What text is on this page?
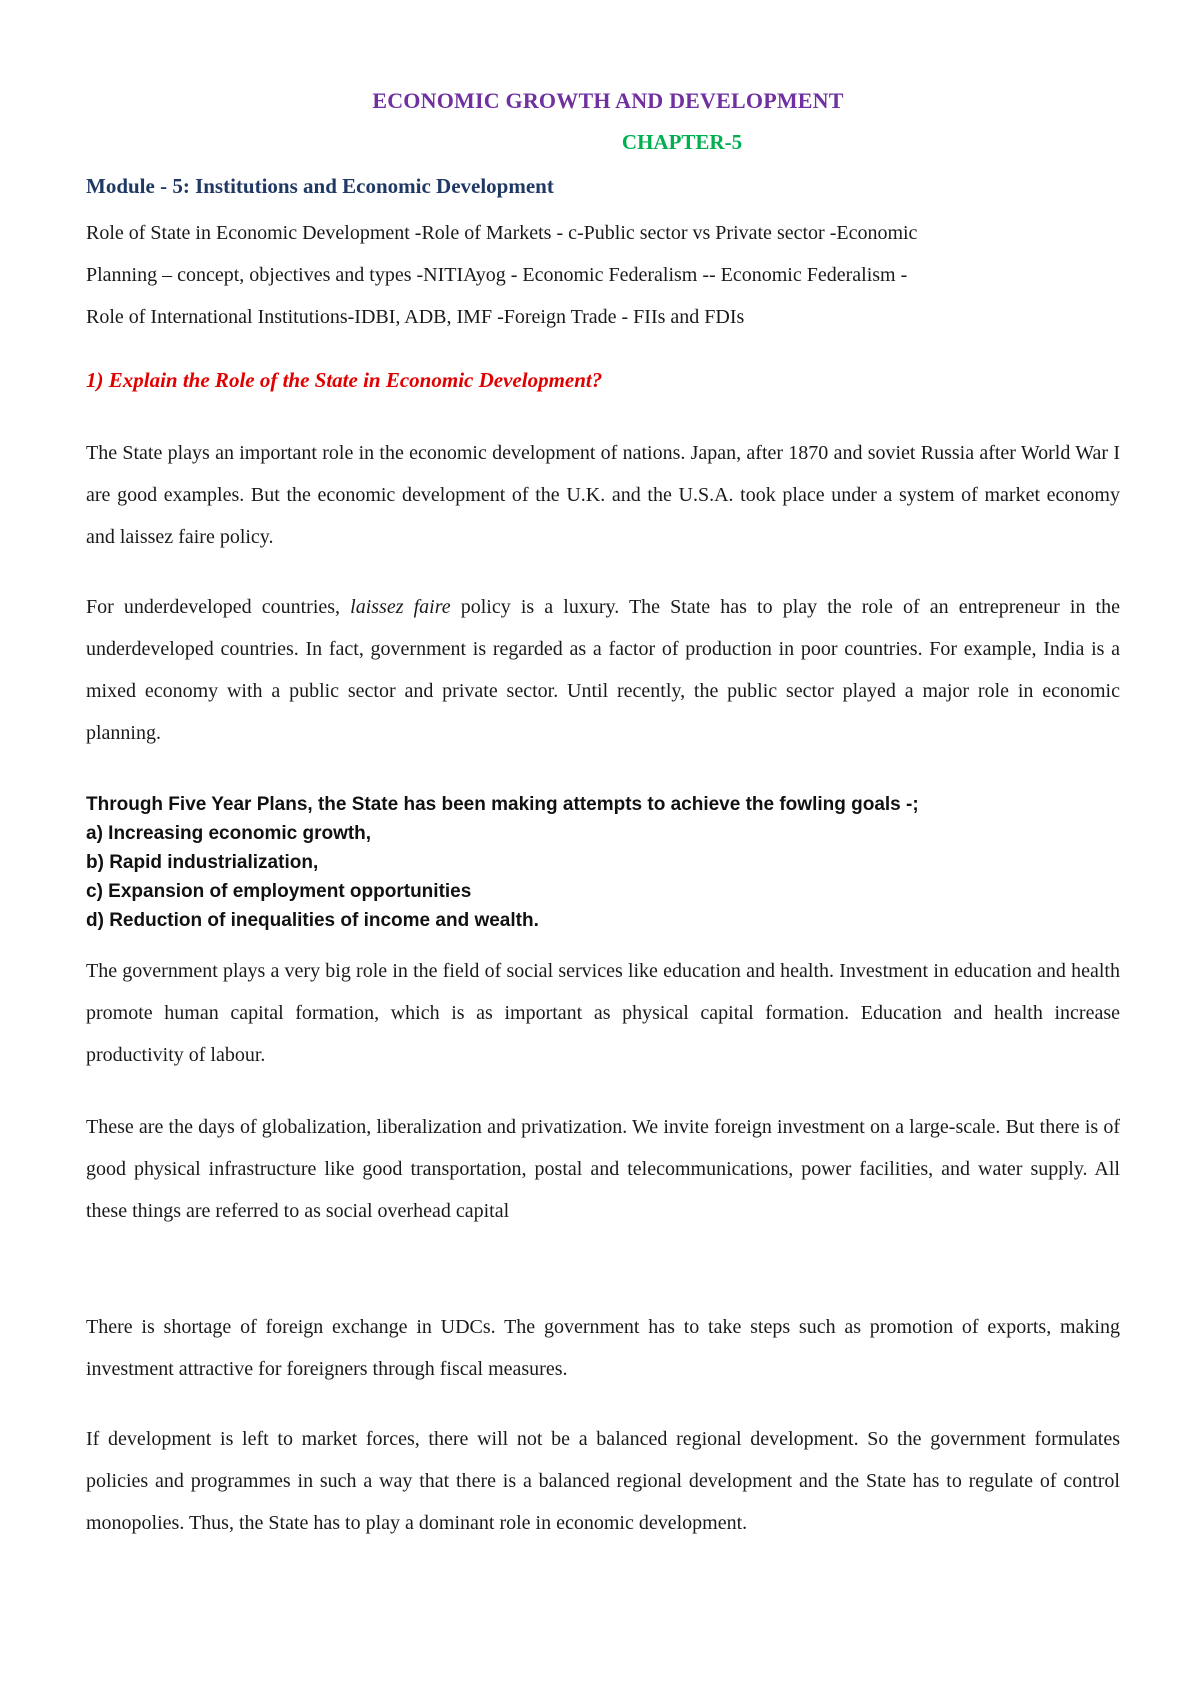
ECONOMIC GROWTH AND DEVELOPMENT
CHAPTER-5
Module - 5: Institutions and Economic Development
Role of State in Economic Development -Role of Markets - c-Public sector vs Private sector -Economic
Planning – concept, objectives and types -NITIAyog - Economic Federalism -- Economic Federalism -
Role of International Institutions-IDBI, ADB, IMF -Foreign Trade - FIIs and FDIs
1) Explain the Role of the State in Economic Development?
The State plays an important role in the economic development of nations. Japan, after 1870 and soviet Russia after World War I are good examples. But the economic development of the U.K. and the U.S.A. took place under a system of market economy and laissez faire policy.
For underdeveloped countries, laissez faire policy is a luxury. The State has to play the role of an entrepreneur in the underdeveloped countries. In fact, government is regarded as a factor of production in poor countries. For example, India is a mixed economy with a public sector and private sector. Until recently, the public sector played a major role in economic planning.
Through Five Year Plans, the State has been making attempts to achieve the fowling goals -;
a) Increasing economic growth,
b) Rapid industrialization,
c) Expansion of employment opportunities
d) Reduction of inequalities of income and wealth.
The government plays a very big role in the field of social services like education and health. Investment in education and health promote human capital formation, which is as important as physical capital formation. Education and health increase productivity of labour.
These are the days of globalization, liberalization and privatization. We invite foreign investment on a large-scale. But there is of good physical infrastructure like good transportation, postal and telecommunications, power facilities, and water supply. All these things are referred to as social overhead capital
There is shortage of foreign exchange in UDCs. The government has to take steps such as promotion of exports, making investment attractive for foreigners through fiscal measures.
If development is left to market forces, there will not be a balanced regional development. So the government formulates policies and programmes in such a way that there is a balanced regional development and the State has to regulate of control monopolies. Thus, the State has to play a dominant role in economic development.
